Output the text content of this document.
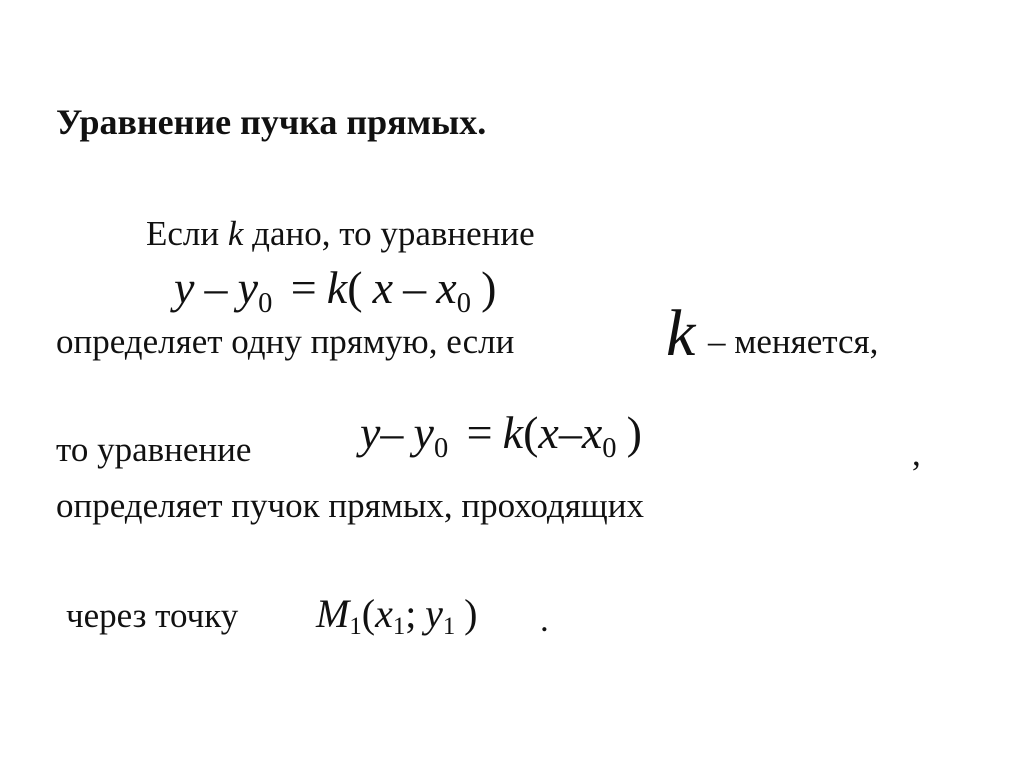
Уравнение пучка прямых.
Если k дано, то уравнение
y – y0 = k( x – x0 )
определяет одну прямую, если k – меняется,
то уравнение y– y0 = k(x–x0 )	,
определяет пучок прямых, проходящих
через точку M1(x1; y1 ) .
